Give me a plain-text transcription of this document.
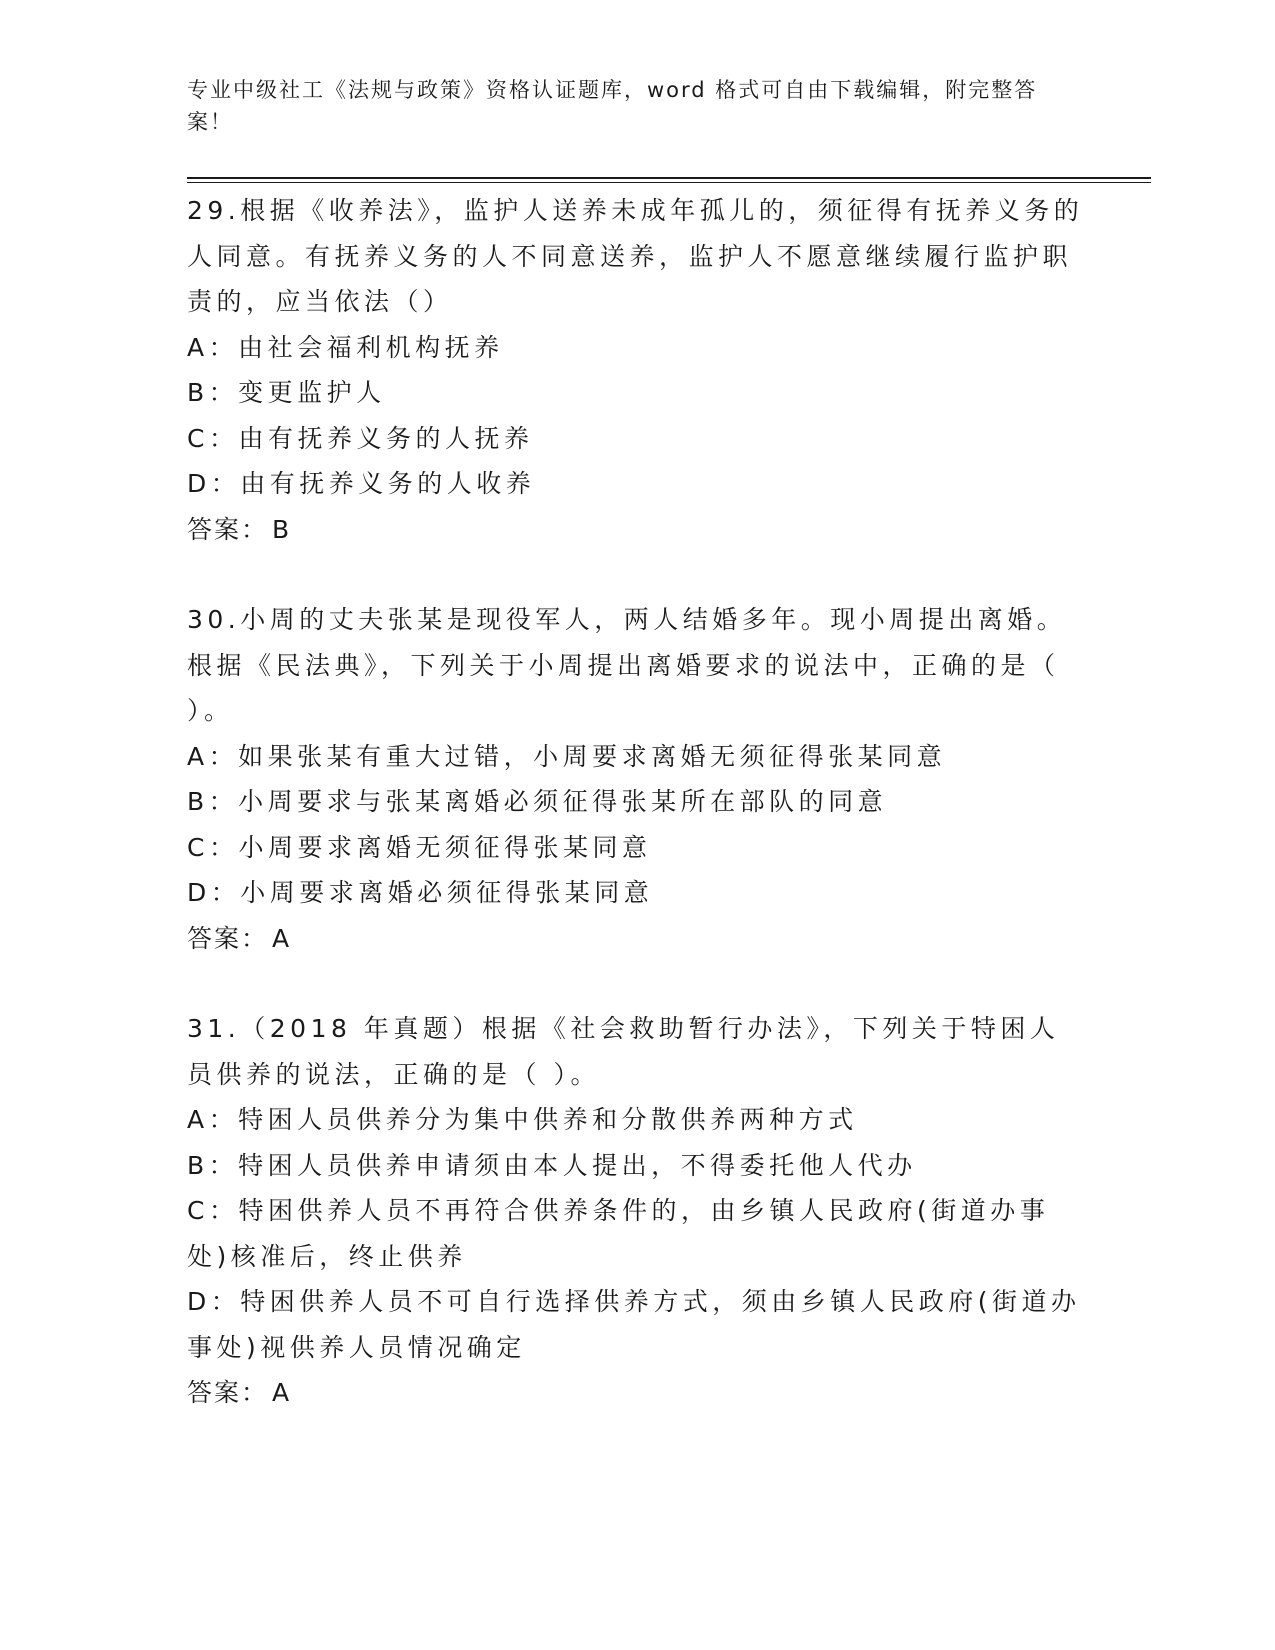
专业中级社工《法规与政策》资格认证题库，word 格式可自由下载编辑，附完整答案！

29.根据《收养法》，监护人送养未成年孤儿的，须征得有抚养义务的人同意。有抚养义务的人不同意送养，监护人不愿意继续履行监护职责的，应当依法（）

A：由社会福利机构抚养

B：变更监护人

C：由有抚养义务的人抚养

D：由有抚养义务的人收养

答案： B

30.小周的丈夫张某是现役军人，两人结婚多年。现小周提出离婚。根据《民法典》，下列关于小周提出离婚要求的说法中，正确的是（ ）。

A：如果张某有重大过错，小周要求离婚无须征得张某同意

B：小周要求与张某离婚必须征得张某所在部队的同意

C：小周要求离婚无须征得张某同意

D：小周要求离婚必须征得张某同意

答案： A

31.（2018 年真题）根据《社会救助暂行办法》，下列关于特困人员供养的说法，正确的是（ ）。

A：特困人员供养分为集中供养和分散供养两种方式

B：特困人员供养申请须由本人提出，不得委托他人代办

C：特困供养人员不再符合供养条件的，由乡镇人民政府(街道办事处)核准后，终止供养

D：特困供养人员不可自行选择供养方式，须由乡镇人民政府(街道办事处)视供养人员情况确定

答案： A
